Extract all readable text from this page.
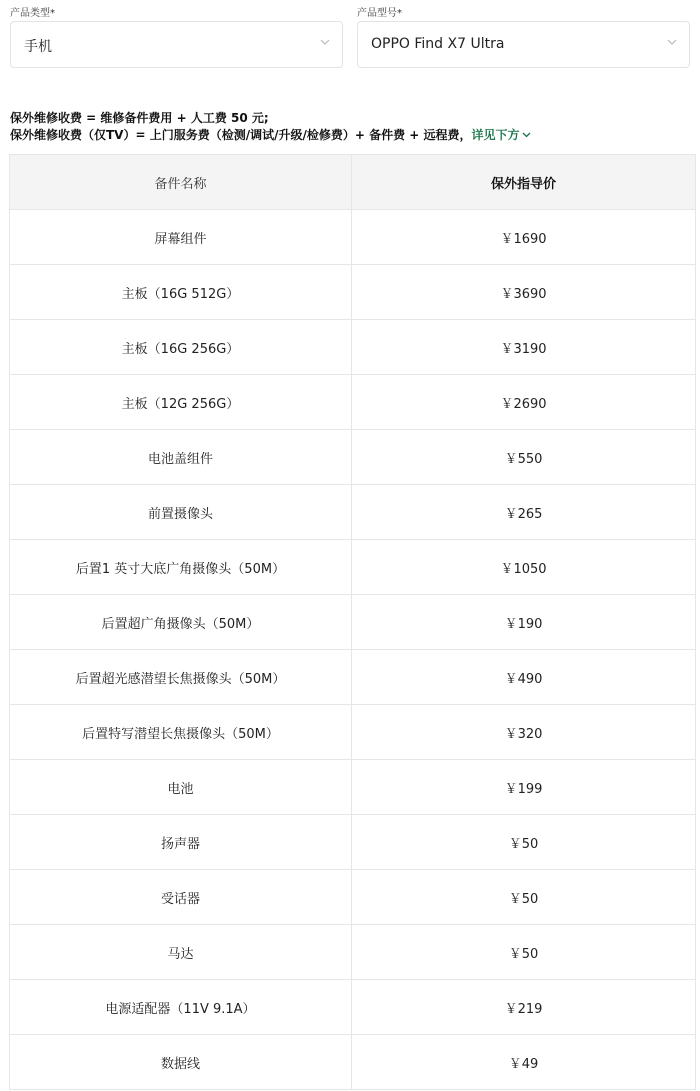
产品类型*
手机
产品型号*
OPPO Find X7 Ultra
保外维修收费 = 维修备件费用 + 人工费 50 元;
保外维修收费（仅TV）= 上门服务费（检测/调试/升级/检修费）+ 备件费 + 远程费，详见下方
备件名称	保外指导价
屏幕组件	￥1690
主板（16G 512G）	￥3690
主板（16G 256G）	￥3190
主板（12G 256G）	￥2690
电池盖组件	￥550
前置摄像头	￥265
后置1 英寸大底广角摄像头（50M）	￥1050
后置超广角摄像头（50M）	￥190
后置超光感潜望长焦摄像头（50M）	￥490
后置特写潜望长焦摄像头（50M）	￥320
电池	￥199
扬声器	￥50
受话器	￥50
马达	￥50
电源适配器（11V 9.1A）	￥219
数据线	￥49
